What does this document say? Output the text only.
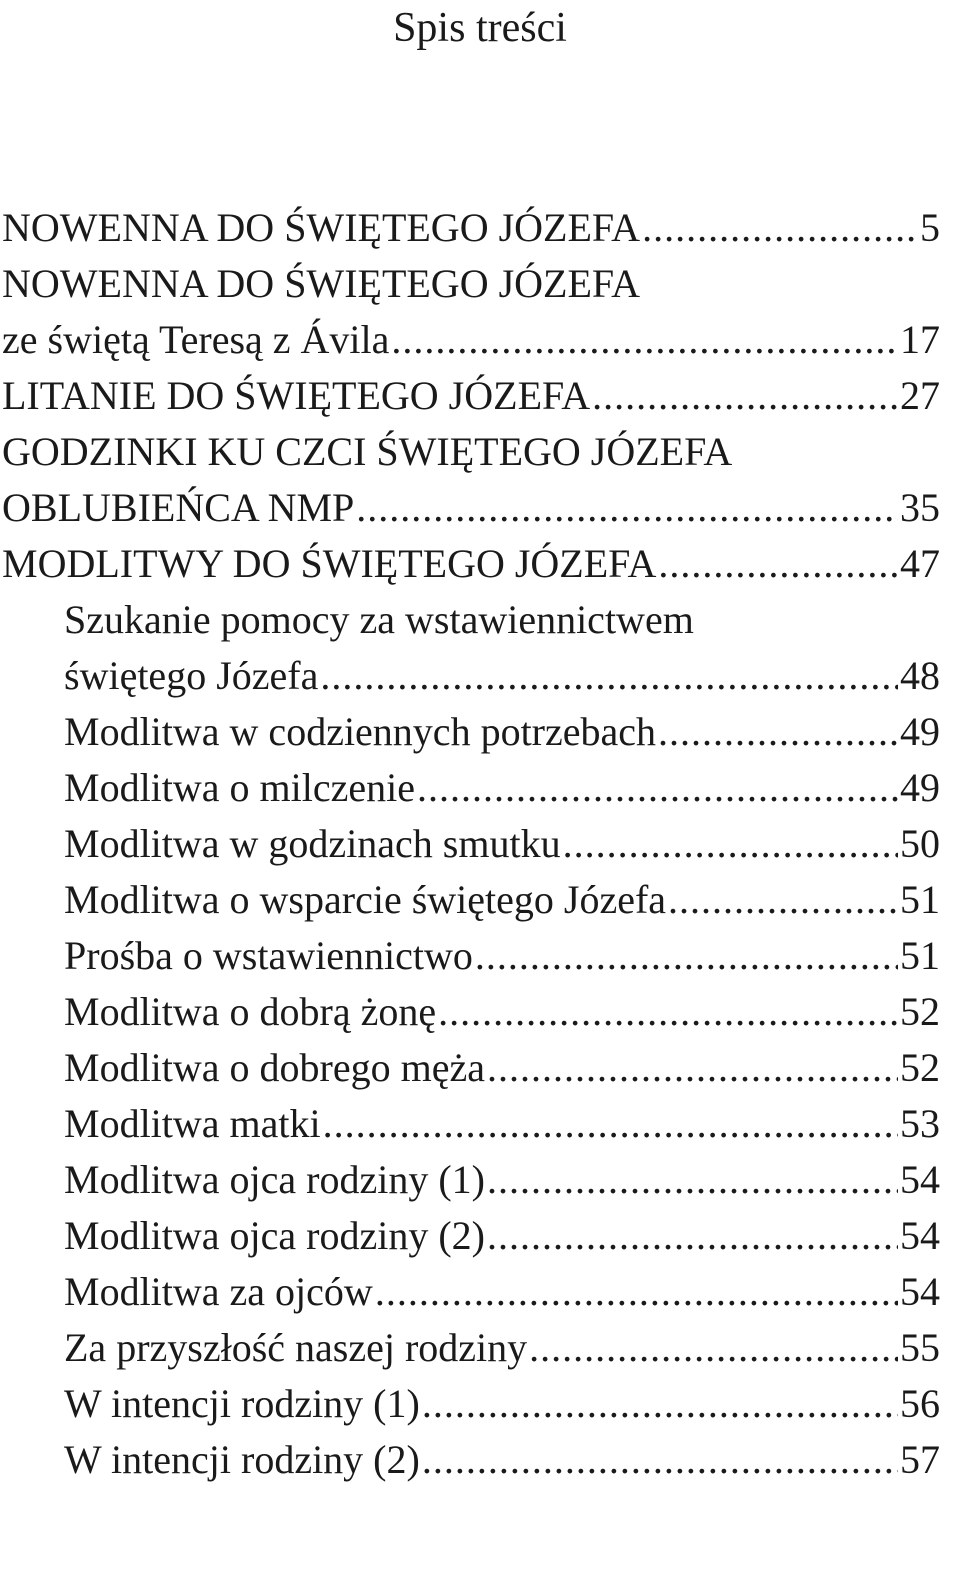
Spis treści
NOWENNA DO ŚWIĘTEGO JÓZEFA .....	5
NOWENNA DO ŚWIĘTEGO JÓZEFA
ze świętą Teresą z Ávila .....	17
LITANIE DO ŚWIĘTEGO JÓZEFA .....	27
GODZINKI KU CZCI ŚWIĘTEGO JÓZEFA
OBLUBIEŃCA NMP .....	35
MODLITWY DO ŚWIĘTEGO JÓZEFA .....	47
Szukanie pomocy za wstawiennictwem
świętego Józefa .....	48
Modlitwa w codziennych potrzebach .....	49
Modlitwa o milczenie .....	49
Modlitwa w godzinach smutku .....	50
Modlitwa o wsparcie świętego Józefa .....	51
Prośba o wstawiennictwo .....	51
Modlitwa o dobrą żonę .....	52
Modlitwa o dobrego męża .....	52
Modlitwa matki .....	53
Modlitwa ojca rodziny (1) .....	54
Modlitwa ojca rodziny (2) .....	54
Modlitwa za ojców .....	54
Za przyszłość naszej rodziny .....	55
W intencji rodziny (1) .....	56
W intencji rodziny (2) .....	57
